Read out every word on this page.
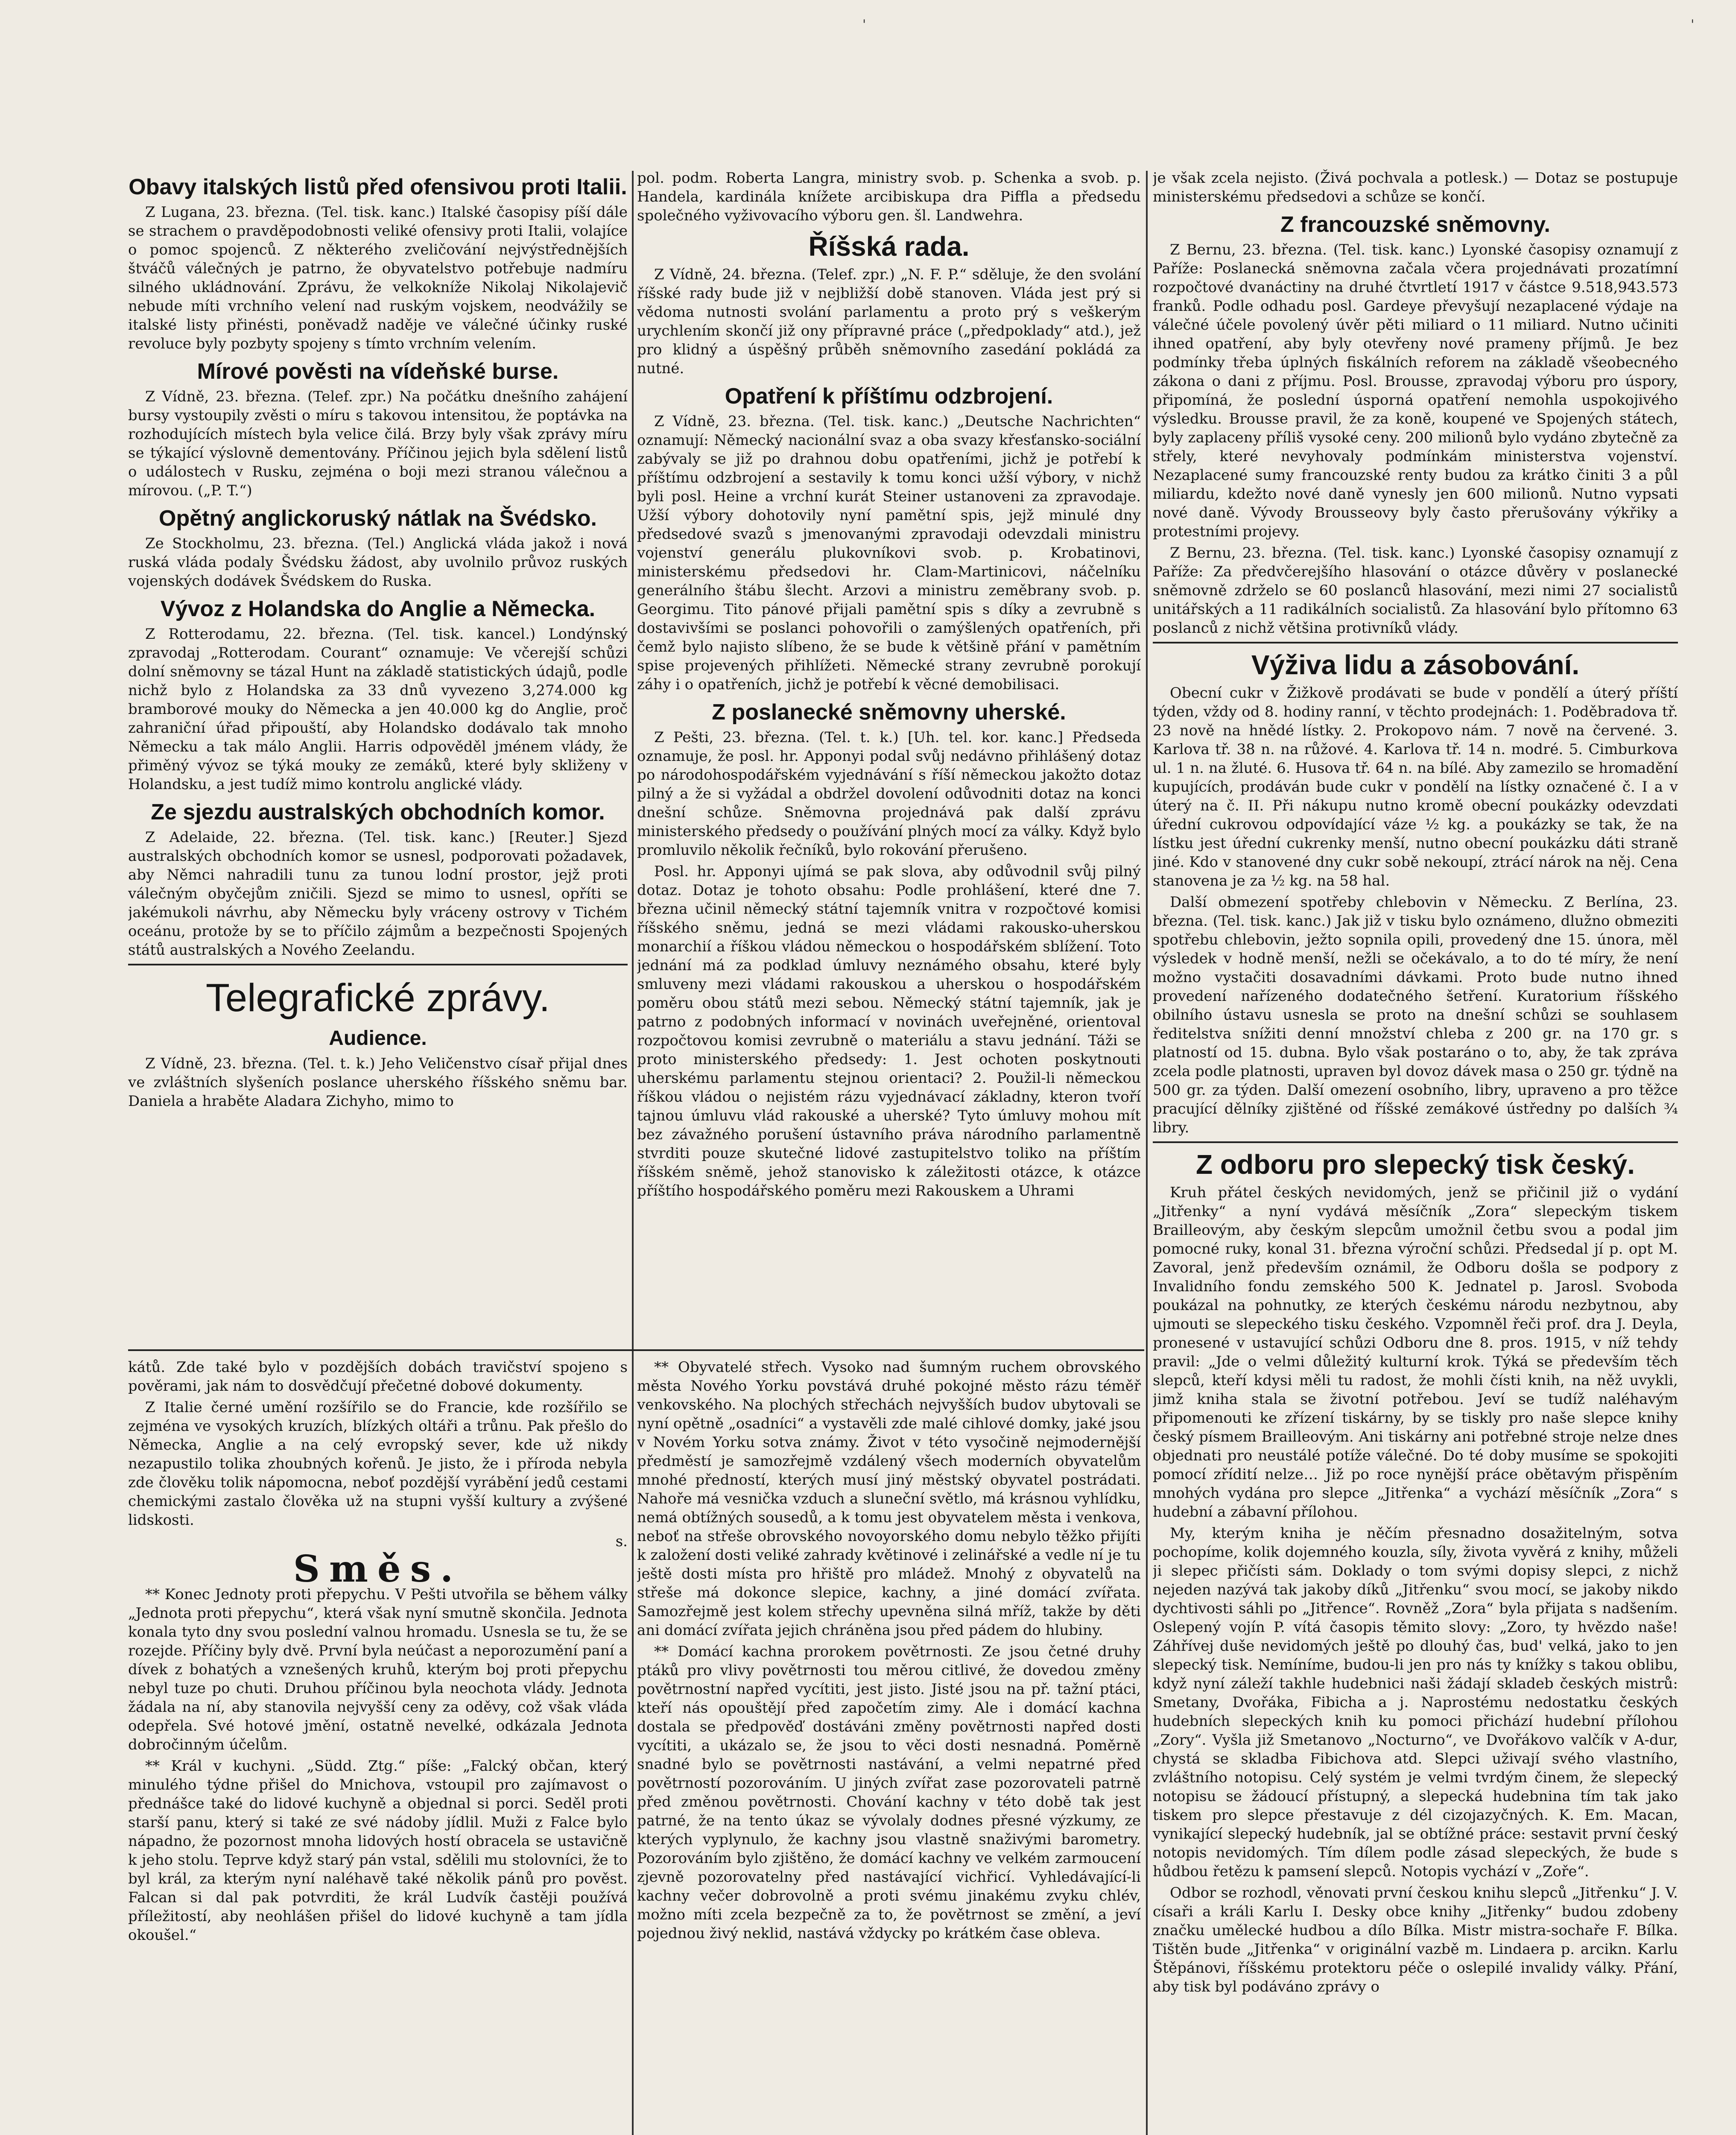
'	'
Obavy italských listů před ofensivou proti Italii.

Z Lugana, 23. března. (Tel. tisk. kanc.) Italské časopisy píší dále se strachem o pravděpodobnosti veliké ofensivy proti Italii, volajíce o pomoc spojenců. Z některého zveličování nejvýstřednějších štváčů válečných je patrno, že obyvatelstvo potřebuje nadmíru silného ukládnování. Zprávu, že velkokníže Nikolaj Nikolajevič nebude míti vrchního velení nad ruským vojskem, neodvážily se italské listy přinésti, poněvadž naděje ve válečné účinky ruské revoluce byly pozbyty spojeny s tímto vrchním velením.

Mírové pověsti na vídeňské burse.

Z Vídně, 23. března. (Telef. zpr.) Na počátku dnešního zahájení bursy vystoupily zvěsti o míru s takovou intensitou, že poptávka na rozhodujících místech byla velice čilá. Brzy byly však zprávy míru se týkající výslovně dementovány. Příčinou jejich byla sdělení listů o událostech v Rusku, zejména o boji mezi stranou válečnou a mírovou. („P. T.“)

Opětný anglickoruský nátlak na Švédsko.

Ze Stockholmu, 23. března. (Tel.) Anglická vláda jakož i nová ruská vláda podaly Švédsku žádost, aby uvolnilo průvoz ruských vojenských dodávek Švédskem do Ruska.

Vývoz z Holandska do Anglie a Německa.

Z Rotterodamu, 22. března. (Tel. tisk. kancel.) Londýnský zpravodaj „Rotterodam. Courant“ oznamuje: Ve včerejší schůzi dolní sněmovny se tázal Hunt na základě statistických údajů, podle nichž bylo z Holandska za 33 dnů vyvezeno 3,274.000 kg bramborové mouky do Německa a jen 40.000 kg do Anglie, proč zahraniční úřad připouští, aby Holandsko dodávalo tak mnoho Německu a tak málo Anglii. Harris odpověděl jménem vlády, že přiměný vývoz se týká mouky ze zemáků, které byly skliženy v Holandsku, a jest tudíž mimo kontrolu anglické vlády.

Ze sjezdu australských obchodních komor.

Z Adelaide, 22. března. (Tel. tisk. kanc.) [Reuter.] Sjezd australských obchodních komor se usnesl, podporovati požadavek, aby Němci nahradili tunu za tunou lodní prostor, jejž proti válečným obyčejům zničili. Sjezd se mimo to usnesl, opříti se jakémukoli návrhu, aby Německu byly vráceny ostrovy v Tichém oceánu, protože by se to příčilo zájmům a bezpečnosti Spojených států australských a Nového Zeelandu.

Telegrafické zprávy.
Audience.

Z Vídně, 23. března. (Tel. t. k.) Jeho Veličenstvo císař přijal dnes ve zvláštních slyšeních poslance uherského říšského sněmu bar. Daniela a hraběte Aladara Zichyho, mimo to

pol. podm. Roberta Langra, ministry svob. p. Schenka a svob. p. Handela, kardinála knížete arcibiskupa dra Piffla a předsedu společného vyživovacího výboru gen. šl. Landwehra.

Říšská rada.

Z Vídně, 24. března. (Telef. zpr.) „N. F. P.“ sděluje, že den svolání říšské rady bude již v nejbližší době stanoven. Vláda jest prý si vědoma nutnosti svolání parlamentu a proto prý s veškerým urychlením skončí již ony přípravné práce („předpoklady“ atd.), jež pro klidný a úspěšný průběh sněmovního zasedání pokládá za nutné.

Opatření k příštímu odzbrojení.

Z Vídně, 23. března. (Tel. tisk. kanc.) „Deutsche Nachrichten“ oznamují: Německý nacionální svaz a oba svazy křesťansko-sociální zabývaly se již po drahnou dobu opatřeními, jichž je potřebí k příštímu odzbrojení a sestavily k tomu konci užší výbory, v nichž byli posl. Heine a vrchní kurát Steiner ustanoveni za zpravodaje. Užší výbory dohotovily nyní pamětní spis, jejž minulé dny předsedové svazů s jmenovanými zpravodaji odevzdali ministru vojenství generálu plukovníkovi svob. p. Krobatinovi, ministerskému předsedovi hr. Clam-Martinicovi, náčelníku generálního štábu šlecht. Arzovi a ministru zeměbrany svob. p. Georgimu. Tito pánové přijali pamětní spis s díky a zevrubně s dostavivšími se poslanci pohovořili o zamýšlených opatřeních, při čemž bylo najisto slíbeno, že se bude k většině přání v pamětním spise projevených přihlížeti. Německé strany zevrubně porokují záhy i o opatřeních, jichž je potřebí k věcné demobilisaci.

Z poslanecké sněmovny uherské.

Z Pešti, 23. března. (Tel. t. k.) [Uh. tel. kor. kanc.] Předseda oznamuje, že posl. hr. Apponyi podal svůj nedávno přihlášený dotaz po národohospodářském vyjednávání s říší německou jakožto dotaz pilný a že si vyžádal a obdržel dovolení odůvodniti dotaz na konci dnešní schůze. Sněmovna projednává pak další zprávu ministerského předsedy o používání plných mocí za války. Když bylo promluvilo několik řečníků, bylo rokování přerušeno.

Posl. hr. Apponyi ujímá se pak slova, aby odůvodnil svůj pilný dotaz. Dotaz je tohoto obsahu: Podle prohlášení, které dne 7. března učinil německý státní tajemník vnitra v rozpočtové komisi říšského sněmu, jedná se mezi vládami rakousko-uherskou monarchií a říškou vládou německou o hospodářském sblížení. Toto jednání má za podklad úmluvy neznámého obsahu, které byly smluveny mezi vládami rakouskou a uherskou o hospodářském poměru obou států mezi sebou. Německý státní tajemník, jak je patrno z podobných informací v novinách uveřejněné, orientoval rozpočtovou komisi zevrubně o materiálu a stavu jednání. Táži se proto ministerského předsedy: 1. Jest ochoten poskytnouti uherskému parlamentu stejnou orientaci? 2. Použil-li německou říškou vládou o nejistém rázu vyjednávací základny, kteron tvoří tajnou úmluvu vlád rakouské a uherské? Tyto úmluvy mohou mít bez závažného porušení ústavního práva národního parlamentně stvrditi pouze skutečné lidové zastupitelstvo toliko na příštím říšském sněmě, jehož stanovisko k záležitosti otázce, k otázce příštího hospodářského poměru mezi Rakouskem a Uhrami

je však zcela nejisto. (Živá pochvala a potlesk.) — Dotaz se postupuje ministerskému předsedovi a schůze se končí.

Z francouzské sněmovny.

Z Bernu, 23. března. (Tel. tisk. kanc.) Lyonské časopisy oznamují z Paříže: Poslanecká sněmovna začala včera projednávati prozatímní rozpočtové dvanáctiny na druhé čtvrtletí 1917 v částce 9.518,943.573 franků. Podle odhadu posl. Gardeye převyšují nezaplacené výdaje na válečné účele povolený úvěr pěti miliard o 11 miliard. Nutno učiniti ihned opatření, aby byly otevřeny nové prameny příjmů. Je bez podmínky třeba úplných fiskálních reforem na základě všeobecného zákona o dani z příjmu. Posl. Brousse, zpravodaj výboru pro úspory, připomíná, že poslední úsporná opatření nemohla uspokojivého výsledku. Brousse pravil, že za koně, koupené ve Spojených státech, byly zaplaceny příliš vysoké ceny. 200 milionů bylo vydáno zbytečně za střely, které nevyhovaly podmínkám ministerstva vojenství. Nezaplacené sumy francouzské renty budou za krátko činiti 3 a půl miliardu, kdežto nové daně vynesly jen 600 milionů. Nutno vypsati nové daně. Vývody Brousseovy byly často přerušovány výkřiky a protestními projevy.

Z Bernu, 23. března. (Tel. tisk. kanc.) Lyonské časopisy oznamují z Paříže: Za předvčerejšího hlasování o otázce důvěry v poslanecké sněmovně zdrželo se 60 poslanců hlasování, mezi nimi 27 socialistů unitářských a 11 radikálních socialistů. Za hlasování bylo přítomno 63 poslanců z nichž většina protivníků vlády.

Výživa lidu a zásobování.

Obecní cukr v Žižkově prodávati se bude v pondělí a úterý příští týden, vždy od 8. hodiny ranní, v těchto prodejnách: 1. Poděbradova tř. 23 nově na hnědé lístky. 2. Prokopovo nám. 7 nově na červené. 3. Karlova tř. 38 n. na růžové. 4. Karlova tř. 14 n. modré. 5. Cimburkova ul. 1 n. na žluté. 6. Husova tř. 64 n. na bílé. Aby zamezilo se hromadění kupujících, prodáván bude cukr v pondělí na lístky označené č. I a v úterý na č. II. Při nákupu nutno kromě obecní poukázky odevzdati úřední cukrovou odpovídající váze ½ kg. a poukázky se tak, že na lístku jest úřední cukrenky menší, nutno obecní poukázku dáti straně jiné. Kdo v stanovené dny cukr sobě nekoupí, ztrácí nárok na něj. Cena stanovena je za ½ kg. na 58 hal.

Další obmezení spotřeby chlebovin v Německu. Z Berlína, 23. března. (Tel. tisk. kanc.) Jak již v tisku bylo oznámeno, dlužno obmeziti spotřebu chlebovin, ježto sopnila opili, provedený dne 15. února, měl výsledek v hodně menší, nežli se očekávalo, a to do té míry, že není možno vystačiti dosavadními dávkami. Proto bude nutno ihned provedení nařízeného dodatečného šetření. Kuratorium říšského obilního ústavu usnesla se proto na dnešní schůzi se souhlasem ředitelstva snížiti denní množství chleba z 200 gr. na 170 gr. s platností od 15. dubna. Bylo však postaráno o to, aby, že tak zpráva zcela podle platnosti, upraven byl dovoz dávek masa o 250 gr. týdně na 500 gr. za týden. Další omezení osobního, libry, upraveno a pro těžce pracující dělníky zjištěné od říšské zemákové ústředny po dalších ¾ libry.

Z odboru pro slepecký tisk český.

Kruh přátel českých nevidomých, jenž se přičinil již o vydání „Jitřenky“ a nyní vydává měsíčník „Zora“ slepeckým tiskem Brailleovým, aby českým slepcům umožnil četbu svou a podal jim pomocné ruky, konal 31. března výroční schůzi. Předsedal jí p. opt M. Zavoral, jenž především oznámil, že Odboru došla se podpory z Invalidního fondu zemského 500 K. Jednatel p. Jarosl. Svoboda poukázal na pohnutky, ze kterých českému národu nezbytnou, aby ujmouti se slepeckého tisku českého. Vzpomněl řeči prof. dra J. Deyla, pronesené v ustavující schůzi Odboru dne 8. pros. 1915, v níž tehdy pravil: „Jde o velmi důležitý kulturní krok. Týká se především těch slepců, kteří kdysi měli tu radost, že mohli čísti knih, na něž uvykli, jimž kniha stala se životní potřebou. Jeví se tudíž naléhavým připomenouti ke zřízení tiskárny, by se tiskly pro naše slepce knihy český písmem Brailleovým. Ani tiskárny ani potřebné stroje nelze dnes objednati pro neustálé potíže válečné. Do té doby musíme se spokojiti pomocí zřídití nelze… Již po roce nynější práce obětavým přispěním mnohých vydána pro slepce „Jitřenka“ a vychází měsíčník „Zora“ s hudební a zábavní přílohou.

My, kterým kniha je něčím přesnadno dosažitelným, sotva pochopíme, kolik dojemného kouzla, síly, života vyvěrá z knihy, můželi ji slepec přičísti sám. Doklady o tom svými dopisy slepci, z nichž nejeden nazývá tak jakoby díků „Jitřenku“ svou mocí, se jakoby nikdo dychtivosti sáhli po „Jitřence“. Rovněž „Zora“ byla přijata s nadšením. Oslepený vojín P. vítá časopis těmito slovy: „Zoro, ty hvězdo naše! Záhřívej duše nevidomých ještě po dlouhý čas, bud' velká, jako to jen slepecký tisk. Nemíníme, budou-li jen pro nás ty knížky s takou oblibu, když nyní záleží takhle hudebnici naši žádají skladeb českých mistrů: Smetany, Dvořáka, Fibicha a j. Naprostému nedostatku českých hudebních slepeckých knih ku pomoci přichází hudební přílohou „Zory“. Vyšla již Smetanovo „Nocturno“, ve Dvořákovo valčík v A-dur, chystá se skladba Fibichova atd. Slepci uživají svého vlastního, zvláštního notopisu. Celý systém je velmi tvrdým činem, že slepecký notopisu se žádoucí přístupný, a slepecká hudebnina tím tak jako tiskem pro slepce přestavuje z dél cizojazyčných. K. Em. Macan, vynikající slepecký hudebník, jal se obtížné práce: sestavit první český notopis nevidomých. Tím dílem podle zásad slepeckých, že bude s hůdbou řetězu k pamsení slepců. Notopis vychází v „Zoře“.

Odbor se rozhodl, věnovati první českou knihu slepců „Jitřenku“ J. V. císaři a králi Karlu I. Desky obce knihy „Jitřenky“ budou zdobeny značku umělecké hudbou a dílo Bílka. Mistr mistra-sochaře F. Bílka. Tištěn bude „Jitřenka“ v originální vazbě m. Lindaera p. arcikn. Karlu Štěpánovi, říšskému protektoru péče o oslepilé invalidy války. Přání, aby tisk byl podáváno zprávy o

kátů. Zde také bylo v pozdějších dobách travičství spojeno s pověrami, jak nám to dosvědčují přečetné dobové dokumenty.

Z Italie černé umění rozšířilo se do Francie, kde rozšířilo se zejména ve vysokých kruzích, blízkých oltáři a trůnu. Pak přešlo do Německa, Anglie a na celý evropský sever, kde už nikdy nezapustilo tolika zhoubných kořenů. Je jisto, že i příroda nebyla zde člověku tolik nápomocna, neboť pozdější vyrábění jedů cestami chemickými zastalo člověka už na stupni vyšší kultury a zvýšené lidskosti.

s.
Směs.

** Konec Jednoty proti přepychu. V Pešti utvořila se během války „Jednota proti přepychu“, která však nyní smutně skončila. Jednota konala tyto dny svou poslední valnou hromadu. Usnesla se tu, že se rozejde. Příčiny byly dvě. První byla neúčast a neporozumění paní a dívek z bohatých a vznešených kruhů, kterým boj proti přepychu nebyl tuze po chuti. Druhou příčinou byla neochota vlády. Jednota žádala na ní, aby stanovila nejvyšší ceny za oděvy, což však vláda odepřela. Své hotové jmění, ostatně nevelké, odkázala Jednota dobročinným účelům.

** Král v kuchyni. „Südd. Ztg.“ píše: „Falcký občan, který minulého týdne přišel do Mnichova, vstoupil pro zajímavost o přednášce také do lidové kuchyně a objednal si porci. Seděl proti starší panu, který si také ze své nádoby jídlil. Muži z Falce bylo nápadno, že pozornost mnoha lidových hostí obracela se ustavičně k jeho stolu. Teprve když starý pán vstal, sdělili mu stolovníci, že to byl král, za kterým nyní naléhavě také několik pánů pro pověst. Falcan si dal pak potvrditi, že král Ludvík častěji používá příležitostí, aby neohlášen přišel do lidové kuchyně a tam jídla okoušel.“

** Obyvatelé střech. Vysoko nad šumným ruchem obrovského města Nového Yorku povstává druhé pokojné město rázu téměř venkovského. Na plochých střechách nejvyšších budov ubytovali se nyní opětně „osadníci“ a vystavěli zde malé cihlové domky, jaké jsou v Novém Yorku sotva známy. Život v této vysočině nejmodernější předměstí je samozřejmě vzdálený všech moderních obyvatelům mnohé předností, kterých musí jiný městský obyvatel postrádati. Nahoře má vesnička vzduch a sluneční světlo, má krásnou vyhlídku, nemá obtížných sousedů, a k tomu jest obyvatelem města i venkova, neboť na střeše obrovského novoyorského domu nebylo těžko přijíti k založení dosti veliké zahrady květinové i zelinářské a vedle ní je tu ještě dosti místa pro hřiště pro mládež. Mnohý z obyvatelů na střeše má dokonce slepice, kachny, a jiné domácí zvířata. Samozřejmě jest kolem střechy upevněna silná mříž, takže by děti ani domácí zvířata jejich chráněna jsou před pádem do hlubiny.

** Domácí kachna prorokem povětrnosti. Ze jsou četné druhy ptáků pro vlivy povětrnosti tou měrou citlivé, že dovedou změny povětrnostní napřed vycítiti, jest jisto. Jisté jsou na př. tažní ptáci, kteří nás opouštějí před započetím zimy. Ale i domácí kachna dostala se předpověď dostáváni změny povětrnosti napřed dosti vycítiti, a ukázalo se, že jsou to věci dosti nesnadná. Poměrně snadné bylo se povětrnosti nastávání, a velmi nepatrné před povětrností pozorováním. U jiných zvířat zase pozorovateli patrně před změnou povětrnosti. Chování kachny v této době tak jest patrné, že na tento úkaz se vývolaly dodnes přesné výzkumy, ze kterých vyplynulo, že kachny jsou vlastně snaživými barometry. Pozorováním bylo zjištěno, že domácí kachny ve velkém zarmoucení zjevně pozorovatelny před nastávající vichřicí. Vyhledávající-li kachny večer dobrovolně a proti svému jinakému zvyku chlév, možno míti zcela bezpečně za to, že povětrnost se změní, a jeví pojednou živý neklid, nastává vždycky po krátkém čase obleva.
